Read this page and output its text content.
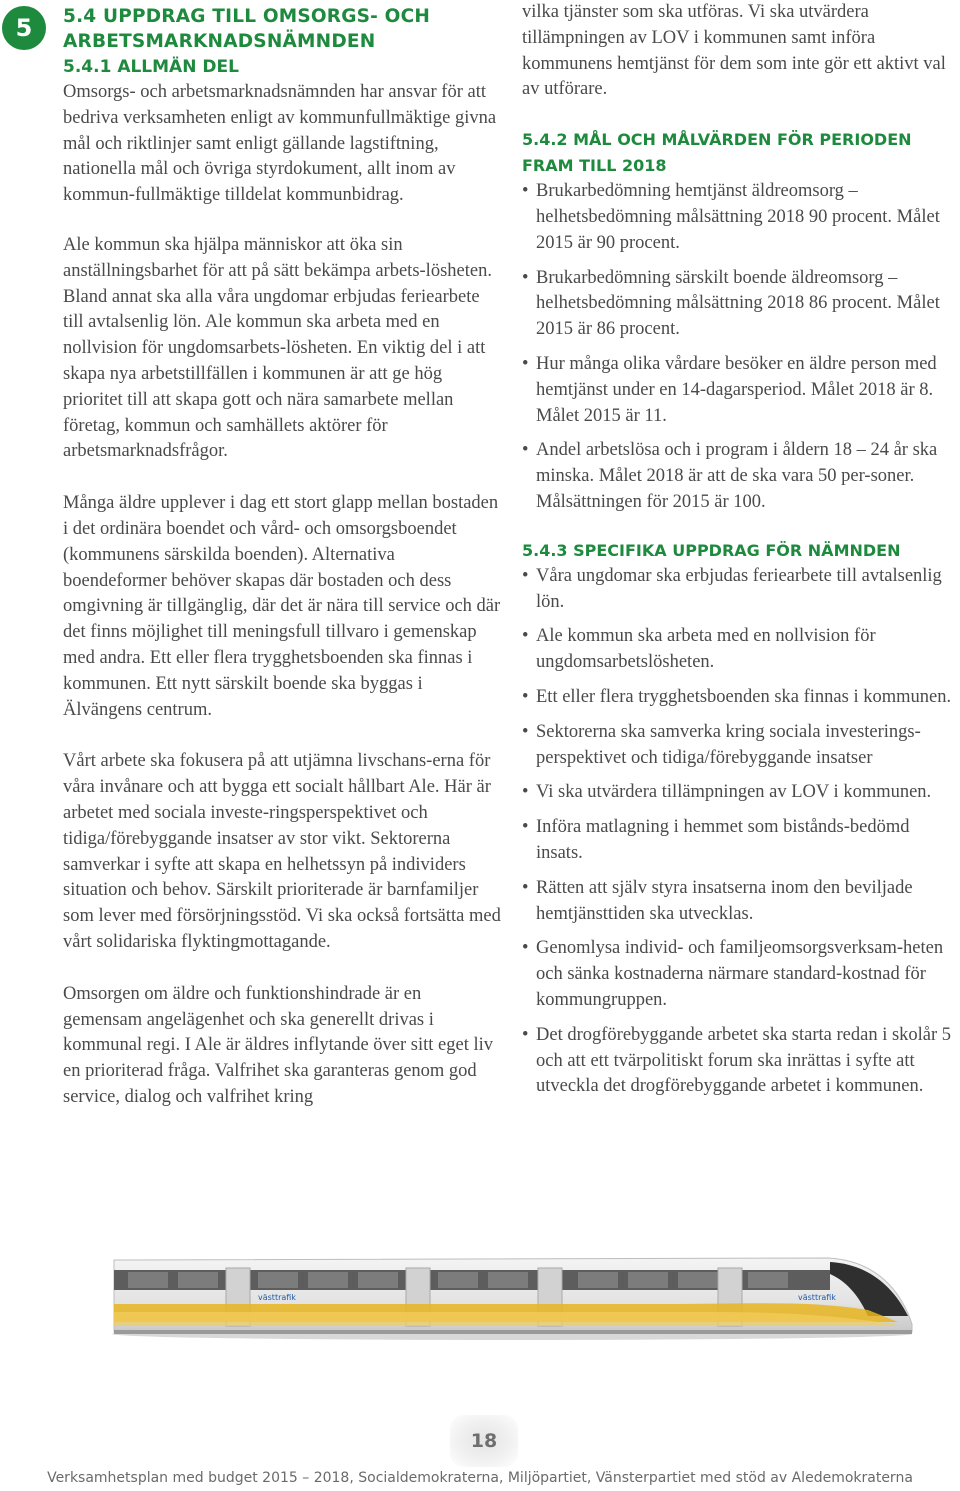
5	5.4 UPPDRAG TILL OMSORGS- OCH ARBETSMARKNADSNÄMNDEN
5.4.1 ALLMÄN DEL

Omsorgs- och arbetsmarknadsnämnden har ansvar för att bedriva verksamheten enligt av kommunfullmäktige givna mål och riktlinjer samt enligt gällande lagstiftning, nationella mål och övriga styrdokument, allt inom av kommun-fullmäktige tilldelat kommunbidrag.

Ale kommun ska hjälpa människor att öka sin anställningsbarhet för att på sätt bekämpa arbets-lösheten. Bland annat ska alla våra ungdomar erbjudas feriearbete till avtalsenlig lön. Ale kommun ska arbeta med en nollvision för ungdomsarbets-lösheten. En viktig del i att skapa nya arbetstillfällen i kommunen är att ge hög prioritet till att skapa gott och nära samarbete mellan företag, kommun och samhällets aktörer för arbetsmarknadsfrågor.

Många äldre upplever i dag ett stort glapp mellan bostaden i det ordinära boendet och vård- och omsorgsboendet (kommunens särskilda boenden). Alternativa boendeformer behöver skapas där bostaden och dess omgivning är tillgänglig, där det är nära till service och där det finns möjlighet till meningsfull tillvaro i gemenskap med andra. Ett eller flera trygghetsboenden ska finnas i kommunen. Ett nytt särskilt boende ska byggas i Älvängens centrum.

Vårt arbete ska fokusera på att utjämna livschans-erna för våra invånare och att bygga ett socialt hållbart Ale. Här är arbetet med sociala investe-ringsperspektivet och tidiga/förebyggande insatser av stor vikt. Sektorerna samverkar i syfte att skapa en helhetssyn på individers situation och behov. Särskilt prioriterade är barnfamiljer som lever med försörjningsstöd. Vi ska också fortsätta med vårt solidariska flyktingmottagande.

Omsorgen om äldre och funktionshindrade är en gemensam angelägenhet och ska generellt drivas i kommunal regi. I Ale är äldres inflytande över sitt eget liv en prioriterad fråga. Valfrihet ska garanteras genom god service, dialog och valfrihet kring

vilka tjänster som ska utföras. Vi ska utvärdera tillämpningen av LOV i kommunen samt införa kommunens hemtjänst för dem som inte gör ett aktivt val av utförare.

5.4.2 MÅL OCH MÅLVÄRDEN FÖR PERIODEN FRAM TILL 2018
• Brukarbedömning hemtjänst äldreomsorg – helhetsbedömning målsättning 2018 90 procent. Målet 2015 är 90 procent.
• Brukarbedömning särskilt boende äldreomsorg – helhetsbedömning målsättning 2018 86 procent. Målet 2015 är 86 procent.
• Hur många olika vårdare besöker en äldre person med hemtjänst under en 14-dagarsperiod. Målet 2018 är 8. Målet 2015 är 11.
• Andel arbetslösa och i program i åldern 18 – 24 år ska minska. Målet 2018 är att de ska vara 50 per-soner. Målsättningen för 2015 är 100.
5.4.3 SPECIFIKA UPPDRAG FÖR NÄMNDEN
• Våra ungdomar ska erbjudas feriearbete till avtalsenlig lön.
• Ale kommun ska arbeta med en nollvision för ungdomsarbetslösheten.
• Ett eller flera trygghetsboenden ska finnas i kommunen.
• Sektorerna ska samverka kring sociala investerings-perspektivet och tidiga/förebyggande insatser
• Vi ska utvärdera tillämpningen av LOV i kommunen.
• Införa matlagning i hemmet som bistånds-bedömd insats.
• Rätten att själv styra insatserna inom den beviljade hemtjänsttiden ska utvecklas.
• Genomlysa individ- och familjeomsorgsverksam-heten och sänka kostnaderna närmare standard-kostnad för kommungruppen.
• Det drogförebyggande arbetet ska starta redan i skolår 5 och att ett tvärpolitiskt forum ska inrättas i syfte att utveckla det drogförebyggande arbetet i kommunen.
västtrafik	västtrafik
18
Verksamhetsplan med budget 2015 – 2018, Socialdemokraterna, Miljöpartiet, Vänsterpartiet med stöd av Aledemokraterna
